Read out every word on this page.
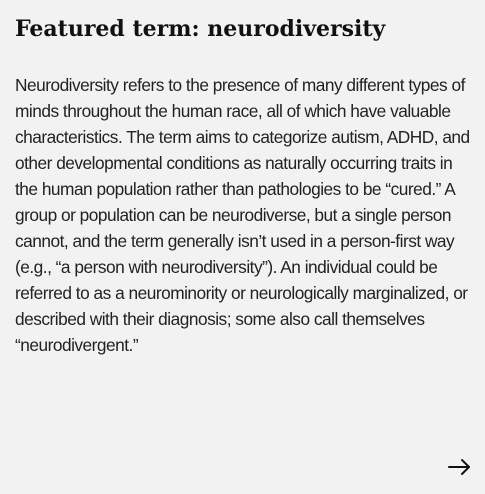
Featured term: neurodiversity

Neurodiversity refers to the presence of many different types of minds throughout the human race, all of which have valuable characteristics. The term aims to categorize autism, ADHD, and other developmental conditions as naturally occurring traits in the human population rather than pathologies to be “cured.” A group or population can be neurodiverse, but a single person cannot, and the term generally isn’t used in a person-first way (e.g., “a person with neurodiversity”). An individual could be referred to as a neurominority or neurologically marginalized, or described with their diagnosis; some also call themselves “neurodivergent.”
